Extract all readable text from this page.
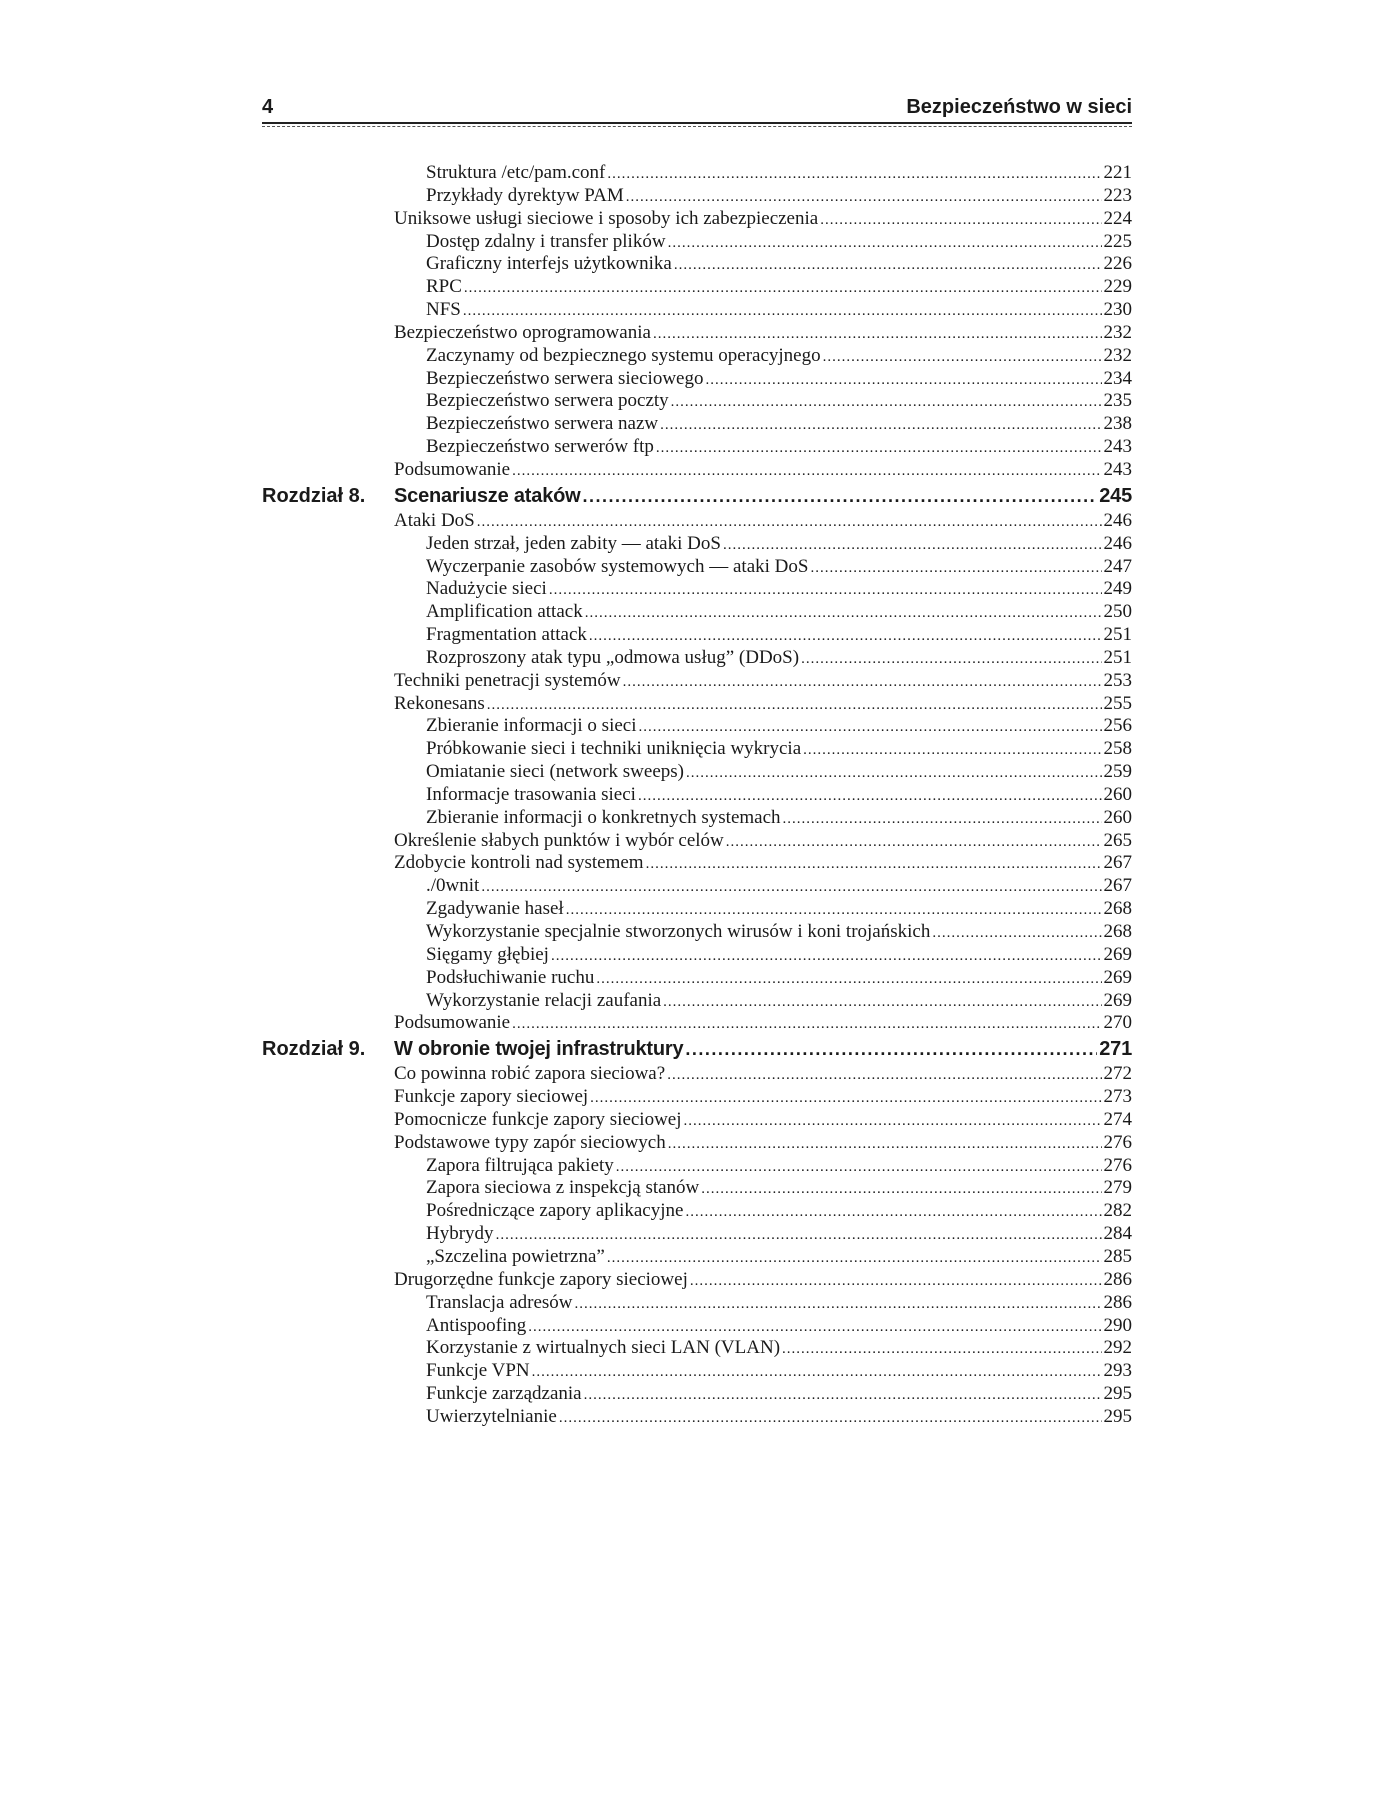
4	Bezpieczeństwo w sieci
Struktura /etc/pam.conf .....	221
Przykłady dyrektyw PAM .....	223
Uniksowe usługi sieciowe i sposoby ich zabezpieczenia .....	224
Dostęp zdalny i transfer plików .....	225
Graficzny interfejs użytkownika .....	226
RPC .....	229
NFS .....	230
Bezpieczeństwo oprogramowania .....	232
Zaczynamy od bezpiecznego systemu operacyjnego .....	232
Bezpieczeństwo serwera sieciowego .....	234
Bezpieczeństwo serwera poczty .....	235
Bezpieczeństwo serwera nazw .....	238
Bezpieczeństwo serwerów ftp .....	243
Podsumowanie .....	243
Rozdział 8. Scenariusze ataków .....	245
Ataki DoS .....	246
Jeden strzał, jeden zabity — ataki DoS .....	246
Wyczerpanie zasobów systemowych — ataki DoS .....	247
Nadużycie sieci .....	249
Amplification attack .....	250
Fragmentation attack .....	251
Rozproszony atak typu „odmowa usług” (DDoS) .....	251
Techniki penetracji systemów .....	253
Rekonesans .....	255
Zbieranie informacji o sieci .....	256
Próbkowanie sieci i techniki uniknięcia wykrycia .....	258
Omiatanie sieci (network sweeps) .....	259
Informacje trasowania sieci .....	260
Zbieranie informacji o konkretnych systemach .....	260
Określenie słabych punktów i wybór celów .....	265
Zdobycie kontroli nad systemem .....	267
./0wnit .....	267
Zgadywanie haseł .....	268
Wykorzystanie specjalnie stworzonych wirusów i koni trojańskich .....	268
Sięgamy głębiej .....	269
Podsłuchiwanie ruchu .....	269
Wykorzystanie relacji zaufania .....	269
Podsumowanie .....	270
Rozdział 9. W obronie twojej infrastruktury .....	271
Co powinna robić zapora sieciowa? .....	272
Funkcje zapory sieciowej .....	273
Pomocnicze funkcje zapory sieciowej .....	274
Podstawowe typy zapór sieciowych .....	276
Zapora filtrująca pakiety .....	276
Zapora sieciowa z inspekcją stanów .....	279
Pośredniczące zapory aplikacyjne .....	282
Hybrydy .....	284
„Szczelina powietrzna” .....	285
Drugorzędne funkcje zapory sieciowej .....	286
Translacja adresów .....	286
Antispoofing .....	290
Korzystanie z wirtualnych sieci LAN (VLAN) .....	292
Funkcje VPN .....	293
Funkcje zarządzania .....	295
Uwierzytelnianie .....	295
